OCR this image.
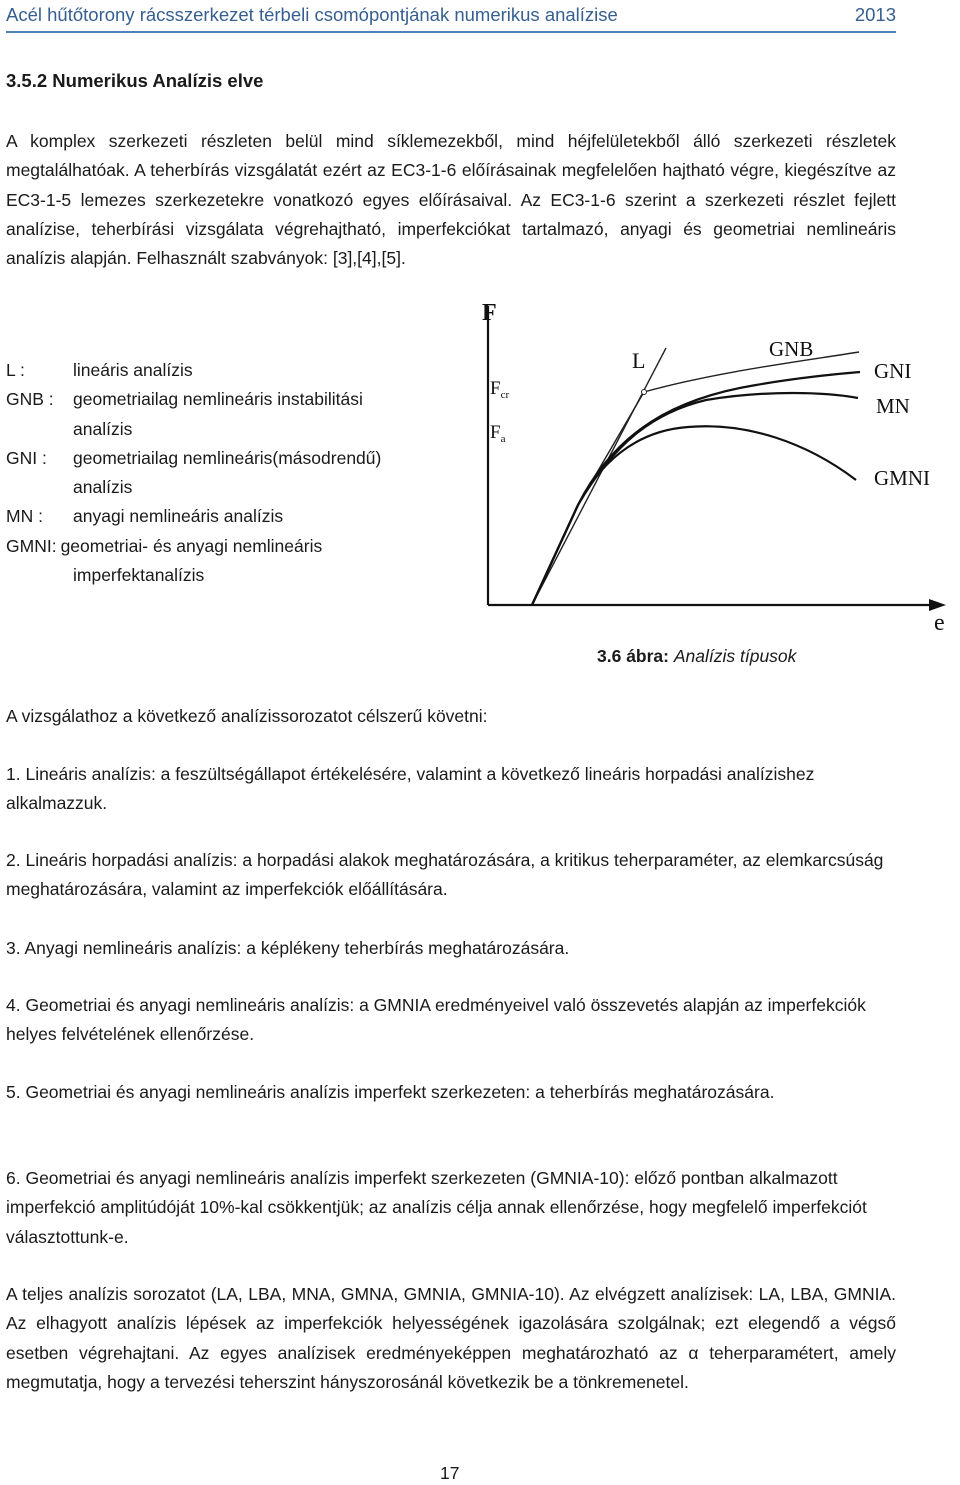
Acél hűtőtorony rácsszerkezet térbeli csomópontjának numerikus analízise	2013
3.5.2 Numerikus Analízis elve
A komplex szerkezeti részleten belül mind síklemezekből, mind héjfelületekből álló szerkezeti részletek megtalálhatóak. A teherbírás vizsgálatát ezért az EC3-1-6 előírásainak megfelelően hajtható végre, kiegészítve az EC3-1-5 lemezes szerkezetekre vonatkozó egyes előírásaival. Az EC3-1-6 szerint a szerkezeti részlet fejlett analízise, teherbírási vizsgálata végrehajtható, imperfekciókat tartalmazó, anyagi és geometriai nemlineáris analízis alapján. Felhasznált szabványok: [3],[4],[5].
L :	lineáris analízis
GNB :	geometriailag nemlineáris instabilitási
analízis
GNI :	geometriailag nemlineáris(másodrendű)
analízis
MN :	anyagi nemlineáris analízis
GMNI: geometriai- és anyagi nemlineáris
imperfektanalízis
F
$F_{cr}$
$F_a$
L	GNB
GNI
MN
GMNI
e
3.6 ábra: Analízis típusok
A vizsgálathoz a következő analízissorozatot célszerű követni:
1. Lineáris analízis: a feszültségállapot értékelésére, valamint a következő lineáris horpadási analízishez alkalmazzuk.
2. Lineáris horpadási analízis: a horpadási alakok meghatározására, a kritikus teherparaméter, az elemkarcsúság meghatározására, valamint az imperfekciók előállítására.
3. Anyagi nemlineáris analízis: a képlékeny teherbírás meghatározására.
4. Geometriai és anyagi nemlineáris analízis: a GMNIA eredményeivel való összevetés alapján az imperfekciók helyes felvételének ellenőrzése.
5. Geometriai és anyagi nemlineáris analízis imperfekt szerkezeten: a teherbírás meghatározására.
6. Geometriai és anyagi nemlineáris analízis imperfekt szerkezeten (GMNIA-10): előző pontban alkalmazott imperfekció amplitúdóját 10%-kal csökkentjük; az analízis célja annak ellenőrzése, hogy megfelelő imperfekciót választottunk-e.
A teljes analízis sorozatot (LA, LBA, MNA, GMNA, GMNIA, GMNIA-10). Az elvégzett analízisek: LA, LBA, GMNIA. Az elhagyott analízis lépések az imperfekciók helyességének igazolására szolgálnak; ezt elegendő a végső esetben végrehajtani. Az egyes analízisek eredményeképpen meghatározható az α teherparamétert, amely megmutatja, hogy a tervezési teherszint hányszorosánál következik be a tönkremenetel.
17
